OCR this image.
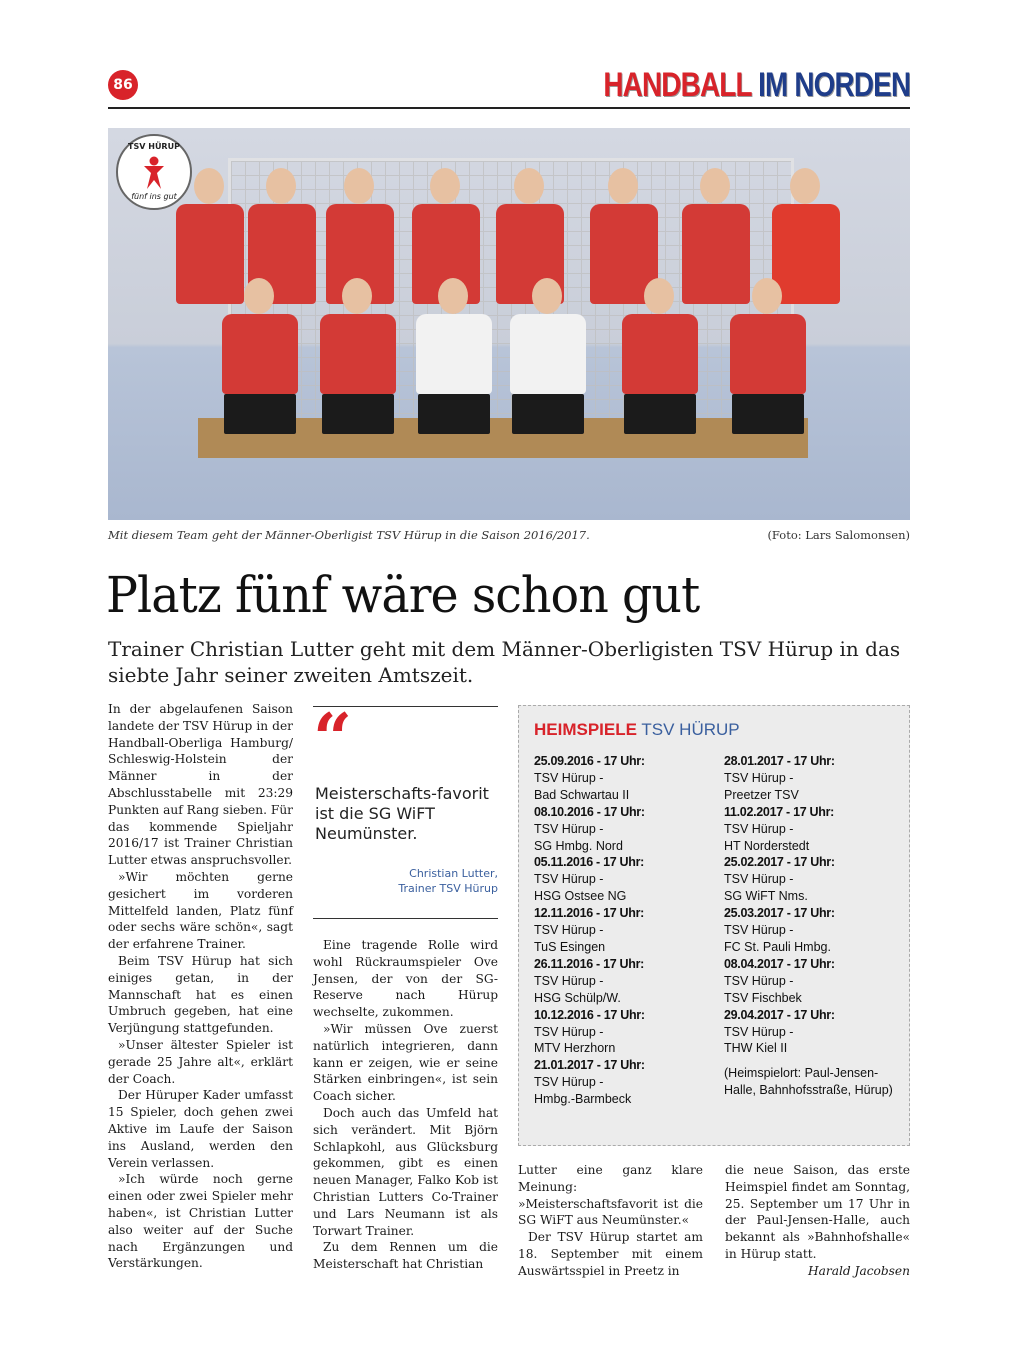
86	HANDBALL IM NORDEN
TSV HÜRUP
fünf ins gut
Mit diesem Team geht der Männer-Oberligist TSV Hürup in die Saison 2016/2017.	(Foto: Lars Salomonsen)
Platz fünf wäre schon gut
Trainer Christian Lutter geht mit dem Männer-Oberligisten TSV Hürup in das siebte Jahr seiner zweiten Amtszeit.

In der abgelaufenen Saison landete der TSV Hürup in der Handball-Oberliga Hamburg/ Schleswig-Holstein der Männer in der Abschlusstabelle mit 23:29 Punkten auf Rang sieben. Für das kommende Spieljahr 2016/17 ist Trainer Christian Lutter etwas anspruchsvoller.

»Wir möchten gerne gesichert im vorderen Mittelfeld landen, Platz fünf oder sechs wäre schön«, sagt der erfahrene Trainer.

Beim TSV Hürup hat sich einiges getan, in der Mannschaft hat es einen Umbruch gegeben, hat eine Verjüngung stattgefunden.

»Unser ältester Spieler ist gerade 25 Jahre alt«, erklärt der Coach.

Der Hüruper Kader umfasst 15 Spieler, doch gehen zwei Aktive im Laufe der Saison ins Ausland, werden den Verein verlassen.

»Ich würde noch gerne einen oder zwei Spieler mehr haben«, ist Christian Lutter also weiter auf der Suche nach Ergänzungen und Verstärkungen.

“
Meisterschafts-favorit ist die SG WiFT Neumünster.
Christian Lutter,
Trainer TSV Hürup

Eine tragende Rolle wird wohl Rückraumspieler Ove Jensen, der von der SG-Reserve nach Hürup wechselte, zukommen.

»Wir müssen Ove zuerst natürlich integrieren, dann kann er zeigen, wie er seine Stärken einbringen«, ist sein Coach sicher.

Doch auch das Umfeld hat sich verändert. Mit Björn Schlapkohl, aus Glücksburg gekommen, gibt es einen neuen Manager, Falko Kob ist Christian Lutters Co-Trainer und Lars Neumann ist als Torwart Trainer.

Zu dem Rennen um die Meisterschaft hat Christian

HEIMSPIELE TSV HÜRUP
25.09.2016 - 17 Uhr:
TSV Hürup -
Bad Schwartau II
08.10.2016 - 17 Uhr:
TSV Hürup -
SG Hmbg. Nord
05.11.2016 - 17 Uhr:
TSV Hürup -
HSG Ostsee NG
12.11.2016 - 17 Uhr:
TSV Hürup -
TuS Esingen
26.11.2016 - 17 Uhr:
TSV Hürup -
HSG Schülp/W.
10.12.2016 - 17 Uhr:
TSV Hürup -
MTV Herzhorn
21.01.2017 - 17 Uhr:
TSV Hürup -
Hmbg.-Barmbeck
28.01.2017 - 17 Uhr:
TSV Hürup -
Preetzer TSV
11.02.2017 - 17 Uhr:
TSV Hürup -
HT Norderstedt
25.02.2017 - 17 Uhr:
TSV Hürup -
SG WiFT Nms.
25.03.2017 - 17 Uhr:
TSV Hürup -
FC St. Pauli Hmbg.
08.04.2017 - 17 Uhr:
TSV Hürup -
TSV Fischbek
29.04.2017 - 17 Uhr:
TSV Hürup -
THW Kiel II
(Heimspielort: Paul-Jensen-Halle, Bahnhofsstraße, Hürup)

Lutter eine ganz klare Meinung: »Meisterschaftsfavorit ist die SG WiFT aus Neumünster.«

Der TSV Hürup startet am 18. September mit einem Auswärtsspiel in Preetz in

die neue Saison, das erste Heimspiel findet am Sonntag, 25. September um 17 Uhr in der Paul-Jensen-Halle, auch bekannt als »Bahnhofshalle« in Hürup statt.

Harald Jacobsen
